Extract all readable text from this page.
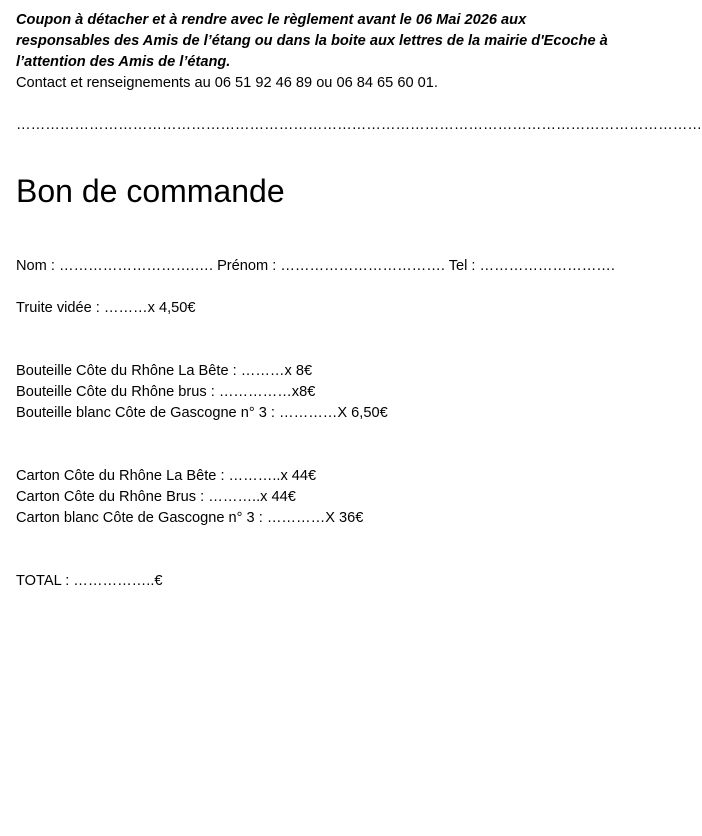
Coupon à détacher et à rendre avec le règlement avant le 06 Mai 2026 aux responsables des Amis de l’étang ou dans la boite aux lettres de la mairie d'Ecoche à l’attention des Amis de l’étang.
Contact et renseignements au 06 51 92 46 89 ou 06 84 65 60 01.
……………………………………………………………………………………………………………………………
Bon de commande
Nom : ……………………….…. Prénom : ……………………………. Tel : ……………………….
Truite vidée : ………x 4,50€
Bouteille Côte du Rhône La Bête : ………x 8€
Bouteille Côte du Rhône brus : ……………x8€
Bouteille blanc Côte de Gascogne n° 3 : …………X 6,50€
Carton Côte du Rhône La Bête : ………..x 44€
Carton Côte du Rhône Brus : ………..x 44€
Carton blanc Côte de Gascogne n° 3 : …………X 36€
TOTAL : ……………..€
